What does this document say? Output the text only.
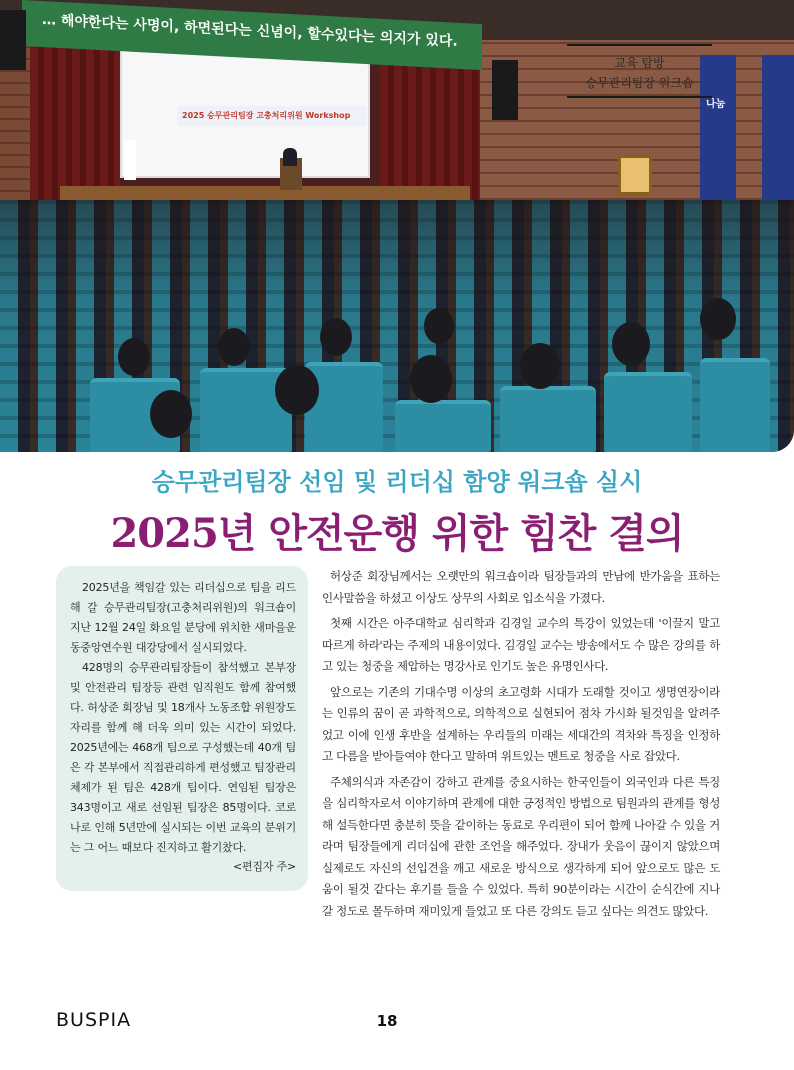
2025 승무관리팀장 고충처리위원 Workshop
… 해야한다는 사명이, 하면된다는 신념이, 할수있다는 의지가 있다.
나눔
교육 탐방
승무관리팀장 워크숍
승무관리팀장 선임 및 리더십 함양 워크숍 실시
2025년 안전운행 위한 힘찬 결의

2025년을 책임갈 있는 리더십으로 팀을 리드해 갈 승무관리팀장(고충처리위원)의 워크숍이 지난 12월 24일 화요일 분당에 위치한 새마을운동중앙연수원 대강당에서 실시되었다.

428명의 승무관리팀장들이 참석했고 본부장 및 안전관리 팀장등 관련 임직원도 함께 참여했다. 허상준 회장님 및 18개사 노동조합 위원장도 자리를 함께 해 더욱 의미 있는 시간이 되었다. 2025년에는 468개 팀으로 구성했는데 40개 팀은 각 본부에서 직접관리하게 편성했고 팀장관리체제가 된 팀은 428개 팀이다. 연임된 팀장은 343명이고 새로 선임된 팀장은 85명이다. 코로나로 인해 5년만에 실시되는 이번 교육의 분위기는 그 어느 때보다 진지하고 활기찼다.

<편집자 주>

허상준 회장님께서는 오랫만의 워크숍이라 팀장들과의 만남에 반가움을 표하는 인사말씀을 하셨고 이상도 상무의 사회로 입소식을 가졌다.

첫째 시간은 아주대학교 심리학과 김경일 교수의 특강이 있었는데 '이끌지 말고 따르게 하라'라는 주제의 내용이었다. 김경일 교수는 방송에서도 수 많은 강의를 하고 있는 청중을 제압하는 명강사로 인기도 높은 유명인사다.

앞으로는 기존의 기대수명 이상의 초고령화 시대가 도래할 것이고 생명연장이라는 인류의 꿈이 곧 과학적으로, 의학적으로 실현되어 점차 가시화 될것임을 알려주었고 이에 인생 후반을 설계하는 우리들의 미래는 세대간의 격차와 특징을 인정하고 다름을 받아들여야 한다고 말하며 위트있는 멘트로 청중을 사로 잡았다.

주체의식과 자존감이 강하고 관계를 중요시하는 한국인들이 외국인과 다른 특징을 심리학자로서 이야기하며 관계에 대한 긍정적인 방법으로 팀원과의 관계를 형성해 설득한다면 충분히 뜻을 같이하는 동료로 우리편이 되어 함께 나아갈 수 있을 거라며 팀장들에게 리더십에 관한 조언을 해주었다. 장내가 웃음이 끊이지 않았으며 실제로도 자신의 선입견을 깨고 새로운 방식으로 생각하게 되어 앞으로도 많은 도움이 될것 같다는 후기를 들을 수 있었다. 특히 90분이라는 시간이 순식간에 지나갈 정도로 몰두하며 재미있게 들었고 또 다른 강의도 듣고 싶다는 의견도 많았다.

BUSPIA	18
